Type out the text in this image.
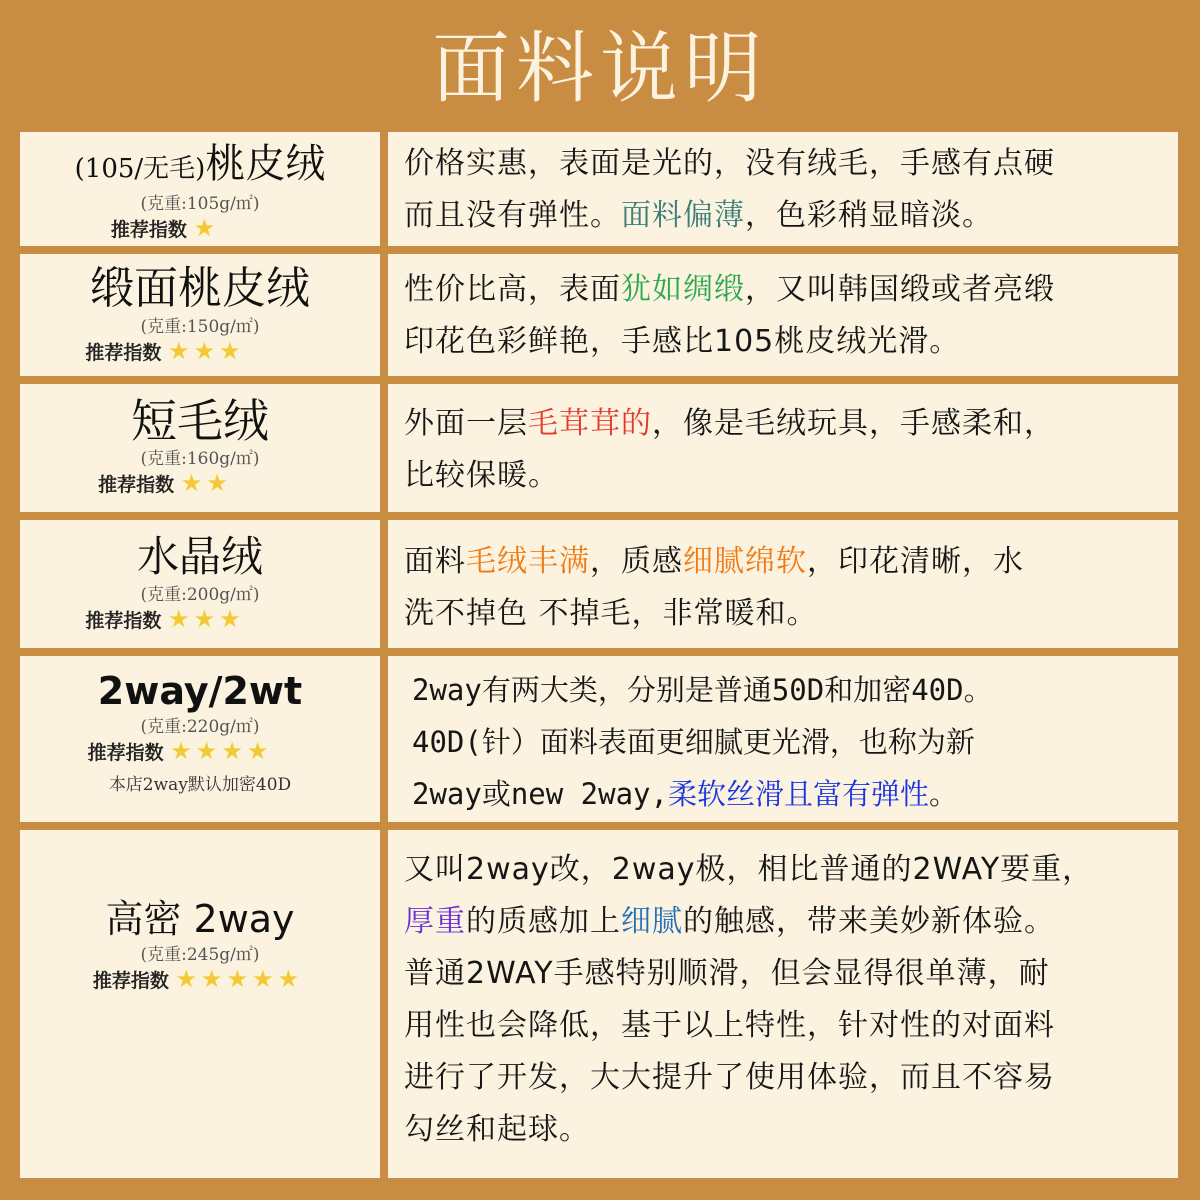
面料说明
(105/无毛)桃皮绒
(克重:105g/㎡)
推荐指数 ★
价格实惠，表面是光的，没有绒毛，手感有点硬
而且没有弹性。面料偏薄，色彩稍显暗淡。
缎面桃皮绒
(克重:150g/㎡)
推荐指数 ★★★
性价比高，表面犹如绸缎，又叫韩国缎或者亮缎
印花色彩鲜艳，手感比105桃皮绒光滑。
短毛绒
(克重:160g/㎡)
推荐指数 ★★
外面一层毛茸茸的，像是毛绒玩具，手感柔和，
比较保暖。
水晶绒
(克重:200g/㎡)
推荐指数 ★★★
面料毛绒丰满，质感细腻绵软，印花清晰，水
洗不掉色 不掉毛，非常暖和。
2way/2wt
(克重:220g/㎡)
推荐指数 ★★★★
本店2way默认加密40D
2way有两大类，分别是普通50D和加密40D。
40D(针）面料表面更细腻更光滑，也称为新
2way或new 2way,柔软丝滑且富有弹性。
高密 2way
(克重:245g/㎡)
推荐指数 ★★★★★
又叫2way改，2way极，相比普通的2WAY要重，
厚重的质感加上细腻的触感，带来美妙新体验。
普通2WAY手感特别顺滑，但会显得很单薄，耐
用性也会降低，基于以上特性，针对性的对面料
进行了开发，大大提升了使用体验，而且不容易
勾丝和起球。
